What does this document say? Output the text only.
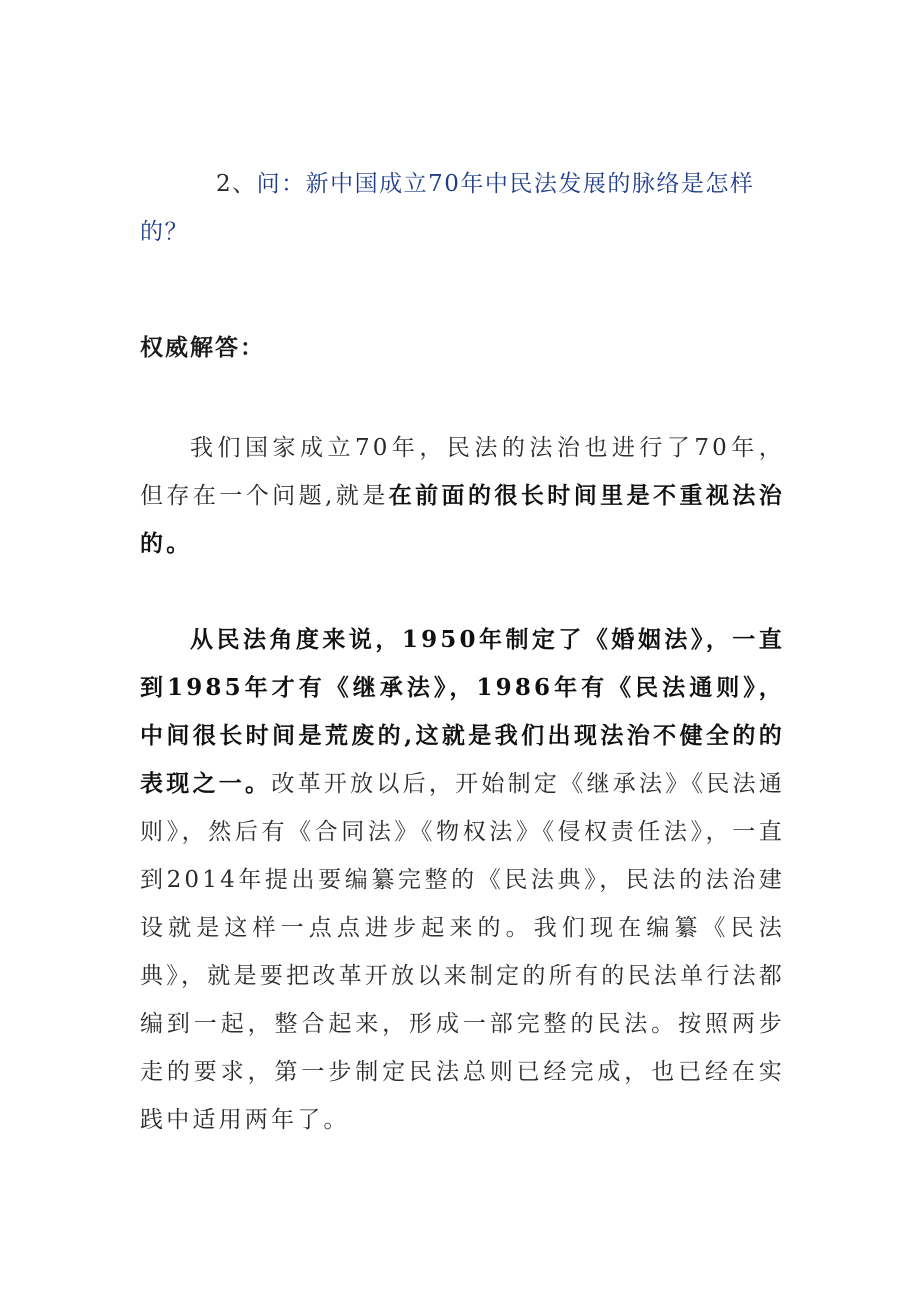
2、问：新中国成立70年中民法发展的脉络是怎样的？

权威解答：

我们国家成立70年，民法的法治也进行了70年，但存在一个问题,就是在前面的很长时间里是不重视法治的。

从民法角度来说，1950年制定了《婚姻法》，一直到1985年才有《继承法》，1986年有《民法通则》，中间很长时间是荒废的,这就是我们出现法治不健全的的表现之一。改革开放以后，开始制定《继承法》《民法通则》，然后有《合同法》《物权法》《侵权责任法》，一直到2014年提出要编纂完整的《民法典》，民法的法治建设就是这样一点点进步起来的。我们现在编纂《民法典》，就是要把改革开放以来制定的所有的民法单行法都编到一起，整合起来，形成一部完整的民法。按照两步走的要求，第一步制定民法总则已经完成，也已经在实践中适用两年了。
